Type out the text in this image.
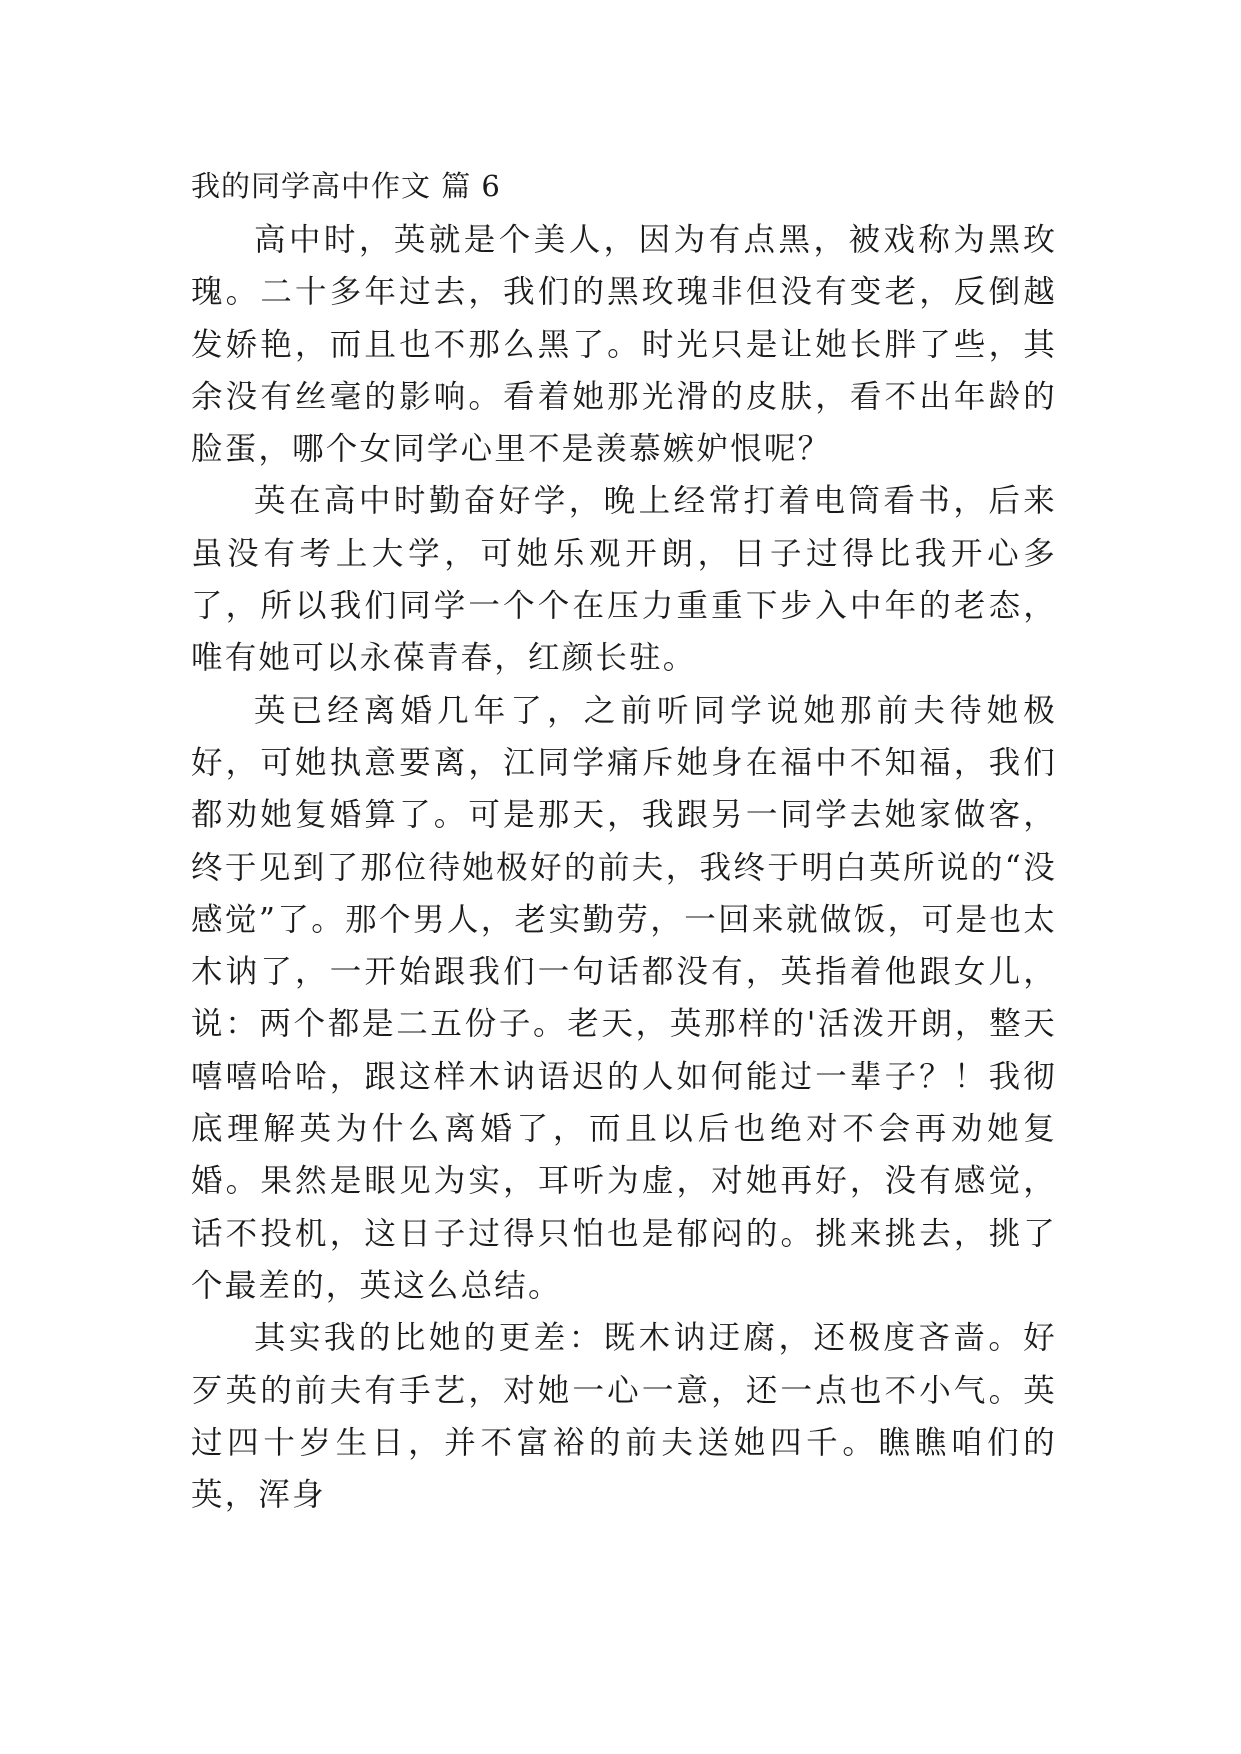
我的同学高中作文 篇 6

高中时，英就是个美人，因为有点黑，被戏称为黑玫瑰。二十多年过去，我们的黑玫瑰非但没有变老，反倒越发娇艳，而且也不那么黑了。时光只是让她长胖了些，其余没有丝毫的影响。看着她那光滑的皮肤，看不出年龄的脸蛋，哪个女同学心里不是羡慕嫉妒恨呢？

英在高中时勤奋好学，晚上经常打着电筒看书，后来虽没有考上大学，可她乐观开朗，日子过得比我开心多了，所以我们同学一个个在压力重重下步入中年的老态，唯有她可以永葆青春，红颜长驻。

英已经离婚几年了，之前听同学说她那前夫待她极好，可她执意要离，江同学痛斥她身在福中不知福，我们都劝她复婚算了。可是那天，我跟另一同学去她家做客，终于见到了那位待她极好的前夫，我终于明白英所说的“没感觉”了。那个男人，老实勤劳，一回来就做饭，可是也太木讷了，一开始跟我们一句话都没有，英指着他跟女儿，说：两个都是二五份子。老天，英那样的'活泼开朗，整天嘻嘻哈哈，跟这样木讷语迟的人如何能过一辈子？！我彻底理解英为什么离婚了，而且以后也绝对不会再劝她复婚。果然是眼见为实，耳听为虚，对她再好，没有感觉，话不投机，这日子过得只怕也是郁闷的。挑来挑去，挑了个最差的，英这么总结。

其实我的比她的更差：既木讷迂腐，还极度吝啬。好歹英的前夫有手艺，对她一心一意，还一点也不小气。英过四十岁生日，并不富裕的前夫送她四千。瞧瞧咱们的英，浑身
